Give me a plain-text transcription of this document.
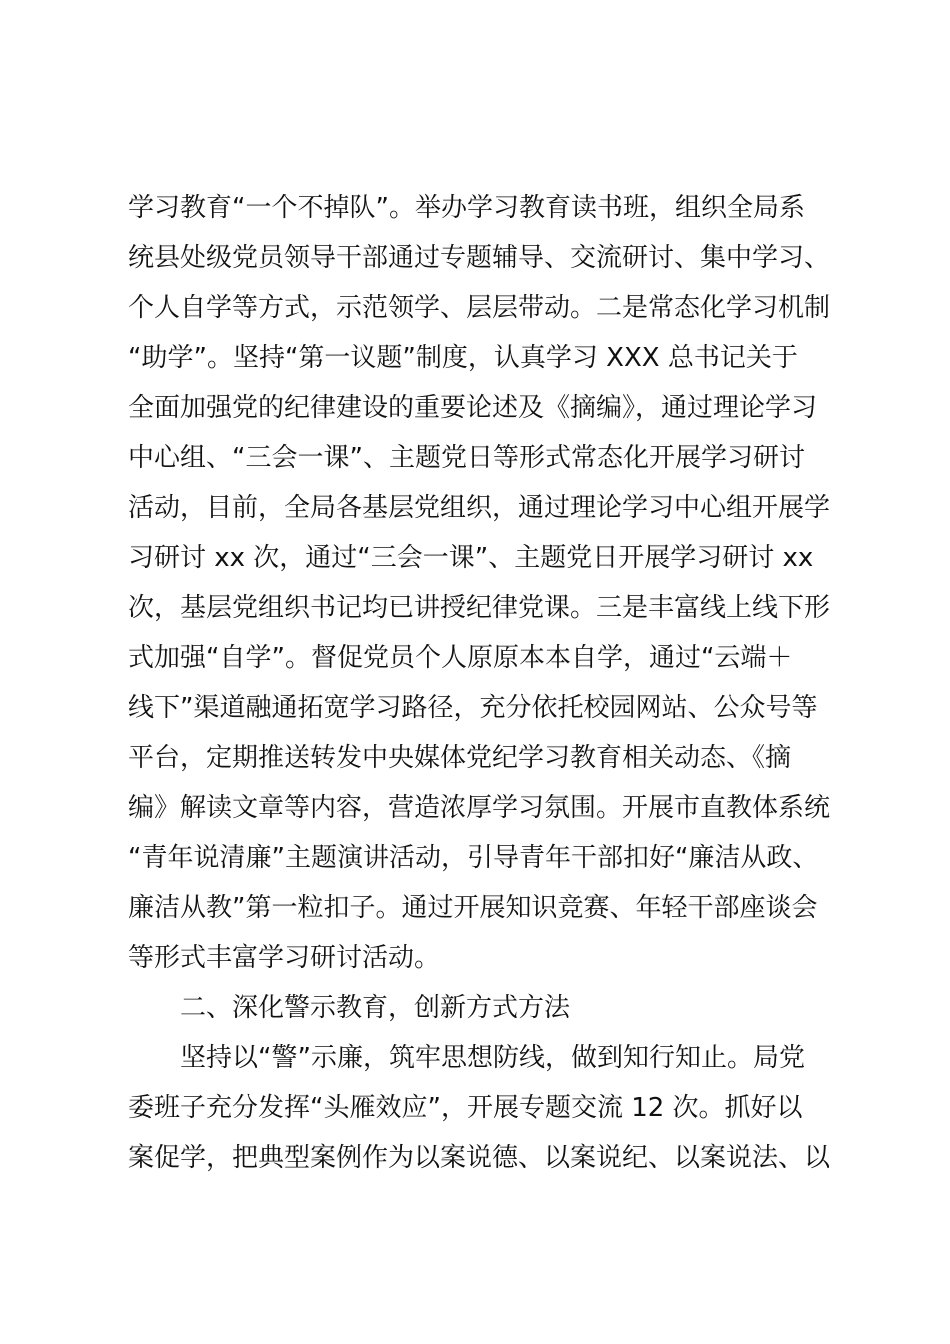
学习教育“一个不掉队”。举办学习教育读书班，组织全局系
统县处级党员领导干部通过专题辅导、交流研讨、集中学习、
个人自学等方式，示范领学、层层带动。二是常态化学习机制
“助学”。坚持“第一议题”制度，认真学习 XXX 总书记关于
全面加强党的纪律建设的重要论述及《摘编》，通过理论学习
中心组、“三会一课”、主题党日等形式常态化开展学习研讨
活动，目前，全局各基层党组织，通过理论学习中心组开展学
习研讨 xx 次，通过“三会一课”、主题党日开展学习研讨 xx
次，基层党组织书记均已讲授纪律党课。三是丰富线上线下形
式加强“自学”。督促党员个人原原本本自学，通过“云端＋
线下”渠道融通拓宽学习路径，充分依托校园网站、公众号等
平台，定期推送转发中央媒体党纪学习教育相关动态、《摘
编》解读文章等内容，营造浓厚学习氛围。开展市直教体系统
“青年说清廉”主题演讲活动，引导青年干部扣好“廉洁从政、
廉洁从教”第一粒扣子。通过开展知识竞赛、年轻干部座谈会
等形式丰富学习研讨活动。
二、深化警示教育，创新方式方法
坚持以“警”示廉，筑牢思想防线，做到知行知止。局党
委班子充分发挥“头雁效应”，开展专题交流 12 次。抓好以
案促学，把典型案例作为以案说德、以案说纪、以案说法、以
